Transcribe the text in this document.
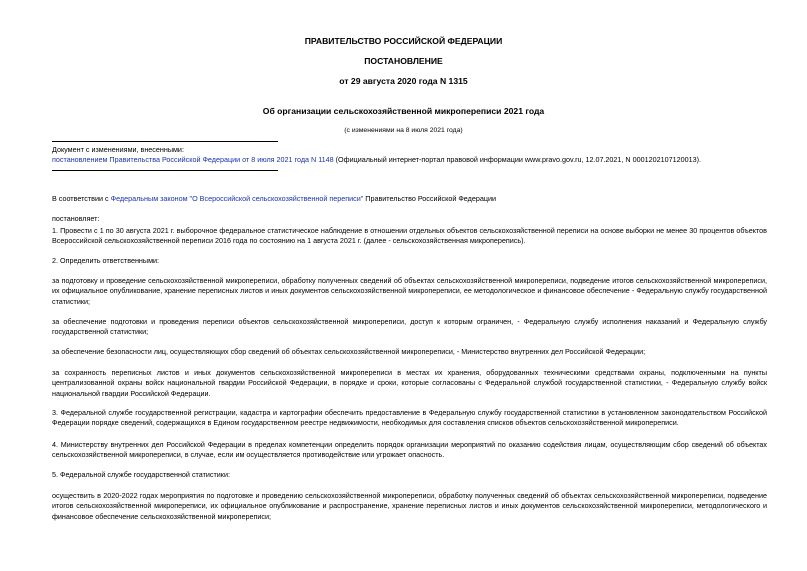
ПРАВИТЕЛЬСТВО РОССИЙСКОЙ ФЕДЕРАЦИИ
ПОСТАНОВЛЕНИЕ
от 29 августа 2020 года N 1315
Об организации сельскохозяйственной микропереписи 2021 года
(с изменениями на 8 июля 2021 года)
Документ с изменениями, внесенными:
постановлением Правительства Российской Федерации от 8 июля 2021 года N 1148 (Официальный интернет-портал правовой информации www.pravo.gov.ru, 12.07.2021, N 0001202107120013).
В соответствии с Федеральным законом "О Всероссийской сельскохозяйственной переписи" Правительство Российской Федерации
постановляет:
1. Провести с 1 по 30 августа 2021 г. выборочное федеральное статистическое наблюдение в отношении отдельных объектов сельскохозяйственной переписи на основе выборки не менее 30 процентов объектов Всероссийской сельскохозяйственной переписи 2016 года по состоянию на 1 августа 2021 г. (далее - сельскохозяйственная микроперепись).
2. Определить ответственными:
за подготовку и проведение сельскохозяйственной микропереписи, обработку полученных сведений об объектах сельскохозяйственной микропереписи, подведение итогов сельскохозяйственной микропереписи, их официальное опубликование, хранение переписных листов и иных документов сельскохозяйственной микропереписи, ее методологическое и финансовое обеспечение - Федеральную службу государственной статистики;
за обеспечение подготовки и проведения переписи объектов сельскохозяйственной микропереписи, доступ к которым ограничен, - Федеральную службу исполнения наказаний и Федеральную службу государственной статистики;
за обеспечение безопасности лиц, осуществляющих сбор сведений об объектах сельскохозяйственной микропереписи, - Министерство внутренних дел Российской Федерации;
за сохранность переписных листов и иных документов сельскохозяйственной микропереписи в местах их хранения, оборудованных техническими средствами охраны, подключенными на пункты централизованной охраны войск национальной гвардии Российской Федерации, в порядке и сроки, которые согласованы с Федеральной службой государственной статистики, - Федеральную службу войск национальной гвардии Российской Федерации.
3. Федеральной службе государственной регистрации, кадастра и картографии обеспечить предоставление в Федеральную службу государственной статистики в установленном законодательством Российской Федерации порядке сведений, содержащихся в Едином государственном реестре недвижимости, необходимых для составления списков объектов сельскохозяйственной микропереписи.
4. Министерству внутренних дел Российской Федерации в пределах компетенции определить порядок организации мероприятий по оказанию содействия лицам, осуществляющим сбор сведений об объектах сельскохозяйственной микропереписи, в случае, если им осуществляется противодействие или угрожает опасность.
5. Федеральной службе государственной статистики:
осуществить в 2020-2022 годах мероприятия по подготовке и проведению сельскохозяйственной микропереписи, обработку полученных сведений об объектах сельскохозяйственной микропереписи, подведение итогов сельскохозяйственной микропереписи, их официальное опубликование и распространение, хранение переписных листов и иных документов сельскохозяйственной микропереписи, методологического и финансовое обеспечение сельскохозяйственной микропереписи;
